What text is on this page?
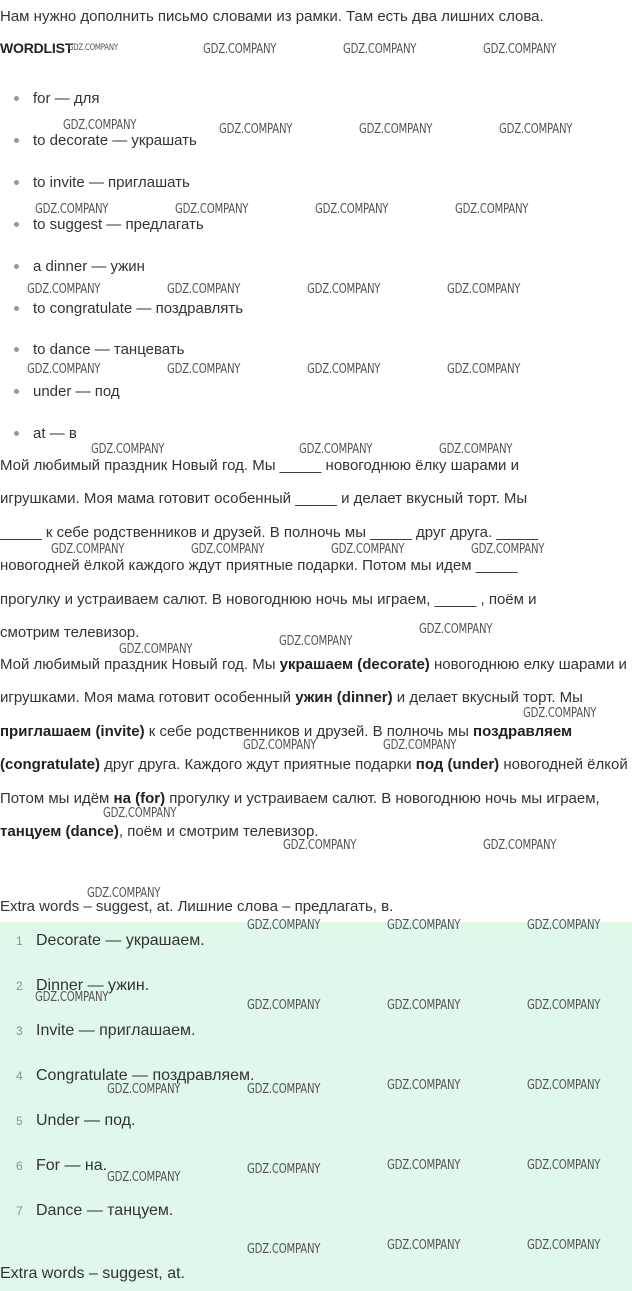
Нам нужно дополнить письмо словами из рамки. Там есть два лишних слова.
WORDLIST
for — для
to decorate — украшать
to invite — приглашать
to suggest — предлагать
a dinner — ужин
to congratulate — поздравлять
to dance — танцевать
under — под
at — в
Мой любимый праздник Новый год. Мы _____ новогоднюю ёлку шарами и
игрушками. Моя мама готовит особенный _____ и делает вкусный торт. Мы
_____ к себе родственников и друзей. В полночь мы _____ друг друга. _____
новогодней ёлкой каждого ждут приятные подарки. Потом мы идем _____
прогулку и устраиваем салют. В новогоднюю ночь мы играем, _____ , поём и
смотрим телевизор.

Мой любимый праздник Новый год. Мы украшаем (decorate) новогоднюю елку шарами и игрушками. Моя мама готовит особенный ужин (dinner) и делает вкусный торт. Мы приглашаем (invite) к себе родственников и друзей. В полночь мы поздравляем (congratulate) друг друга. Каждого ждут приятные подарки под (under) новогодней ёлкой Потом мы идём на (for) прогулку и устраиваем салют. В новогоднюю ночь мы играем, танцуем (dance), поём и смотрим телевизор.

Extra words – suggest, at. Лишние слова – предлагать, в.
1 Decorate — украшаем.
2 Dinner — ужин.
3 Invite — приглашаем.
4 Congratulate — поздравляем.
5 Under — под.
6 For — на.
7 Dance — танцуем.
Extra words – suggest, at.
GDZ.COMPANY	GDZ.COMPANY	GDZ.COMPANY	GDZ.COMPANY
GDZ.COMPANY	GDZ.COMPANY	GDZ.COMPANY	GDZ.COMPANY
GDZ.COMPANY	GDZ.COMPANY	GDZ.COMPANY	GDZ.COMPANY
GDZ.COMPANY	GDZ.COMPANY	GDZ.COMPANY	GDZ.COMPANY
GDZ.COMPANY	GDZ.COMPANY	GDZ.COMPANY	GDZ.COMPANY
GDZ.COMPANY	GDZ.COMPANY	GDZ.COMPANY
GDZ.COMPANY	GDZ.COMPANY	GDZ.COMPANY	GDZ.COMPANY
GDZ.COMPANY
GDZ.COMPANY
GDZ.COMPANY
GDZ.COMPANY
GDZ.COMPANY	GDZ.COMPANY
GDZ.COMPANY
GDZ.COMPANY	GDZ.COMPANY
GDZ.COMPANY
GDZ.COMPANY	GDZ.COMPANY	GDZ.COMPANY
GDZ.COMPANY
GDZ.COMPANY	GDZ.COMPANY	GDZ.COMPANY
GDZ.COMPANY	GDZ.COMPANY	GDZ.COMPANY	GDZ.COMPANY
GDZ.COMPANY
GDZ.COMPANY	GDZ.COMPANY	GDZ.COMPANY
GDZ.COMPANY	GDZ.COMPANY	GDZ.COMPANY
